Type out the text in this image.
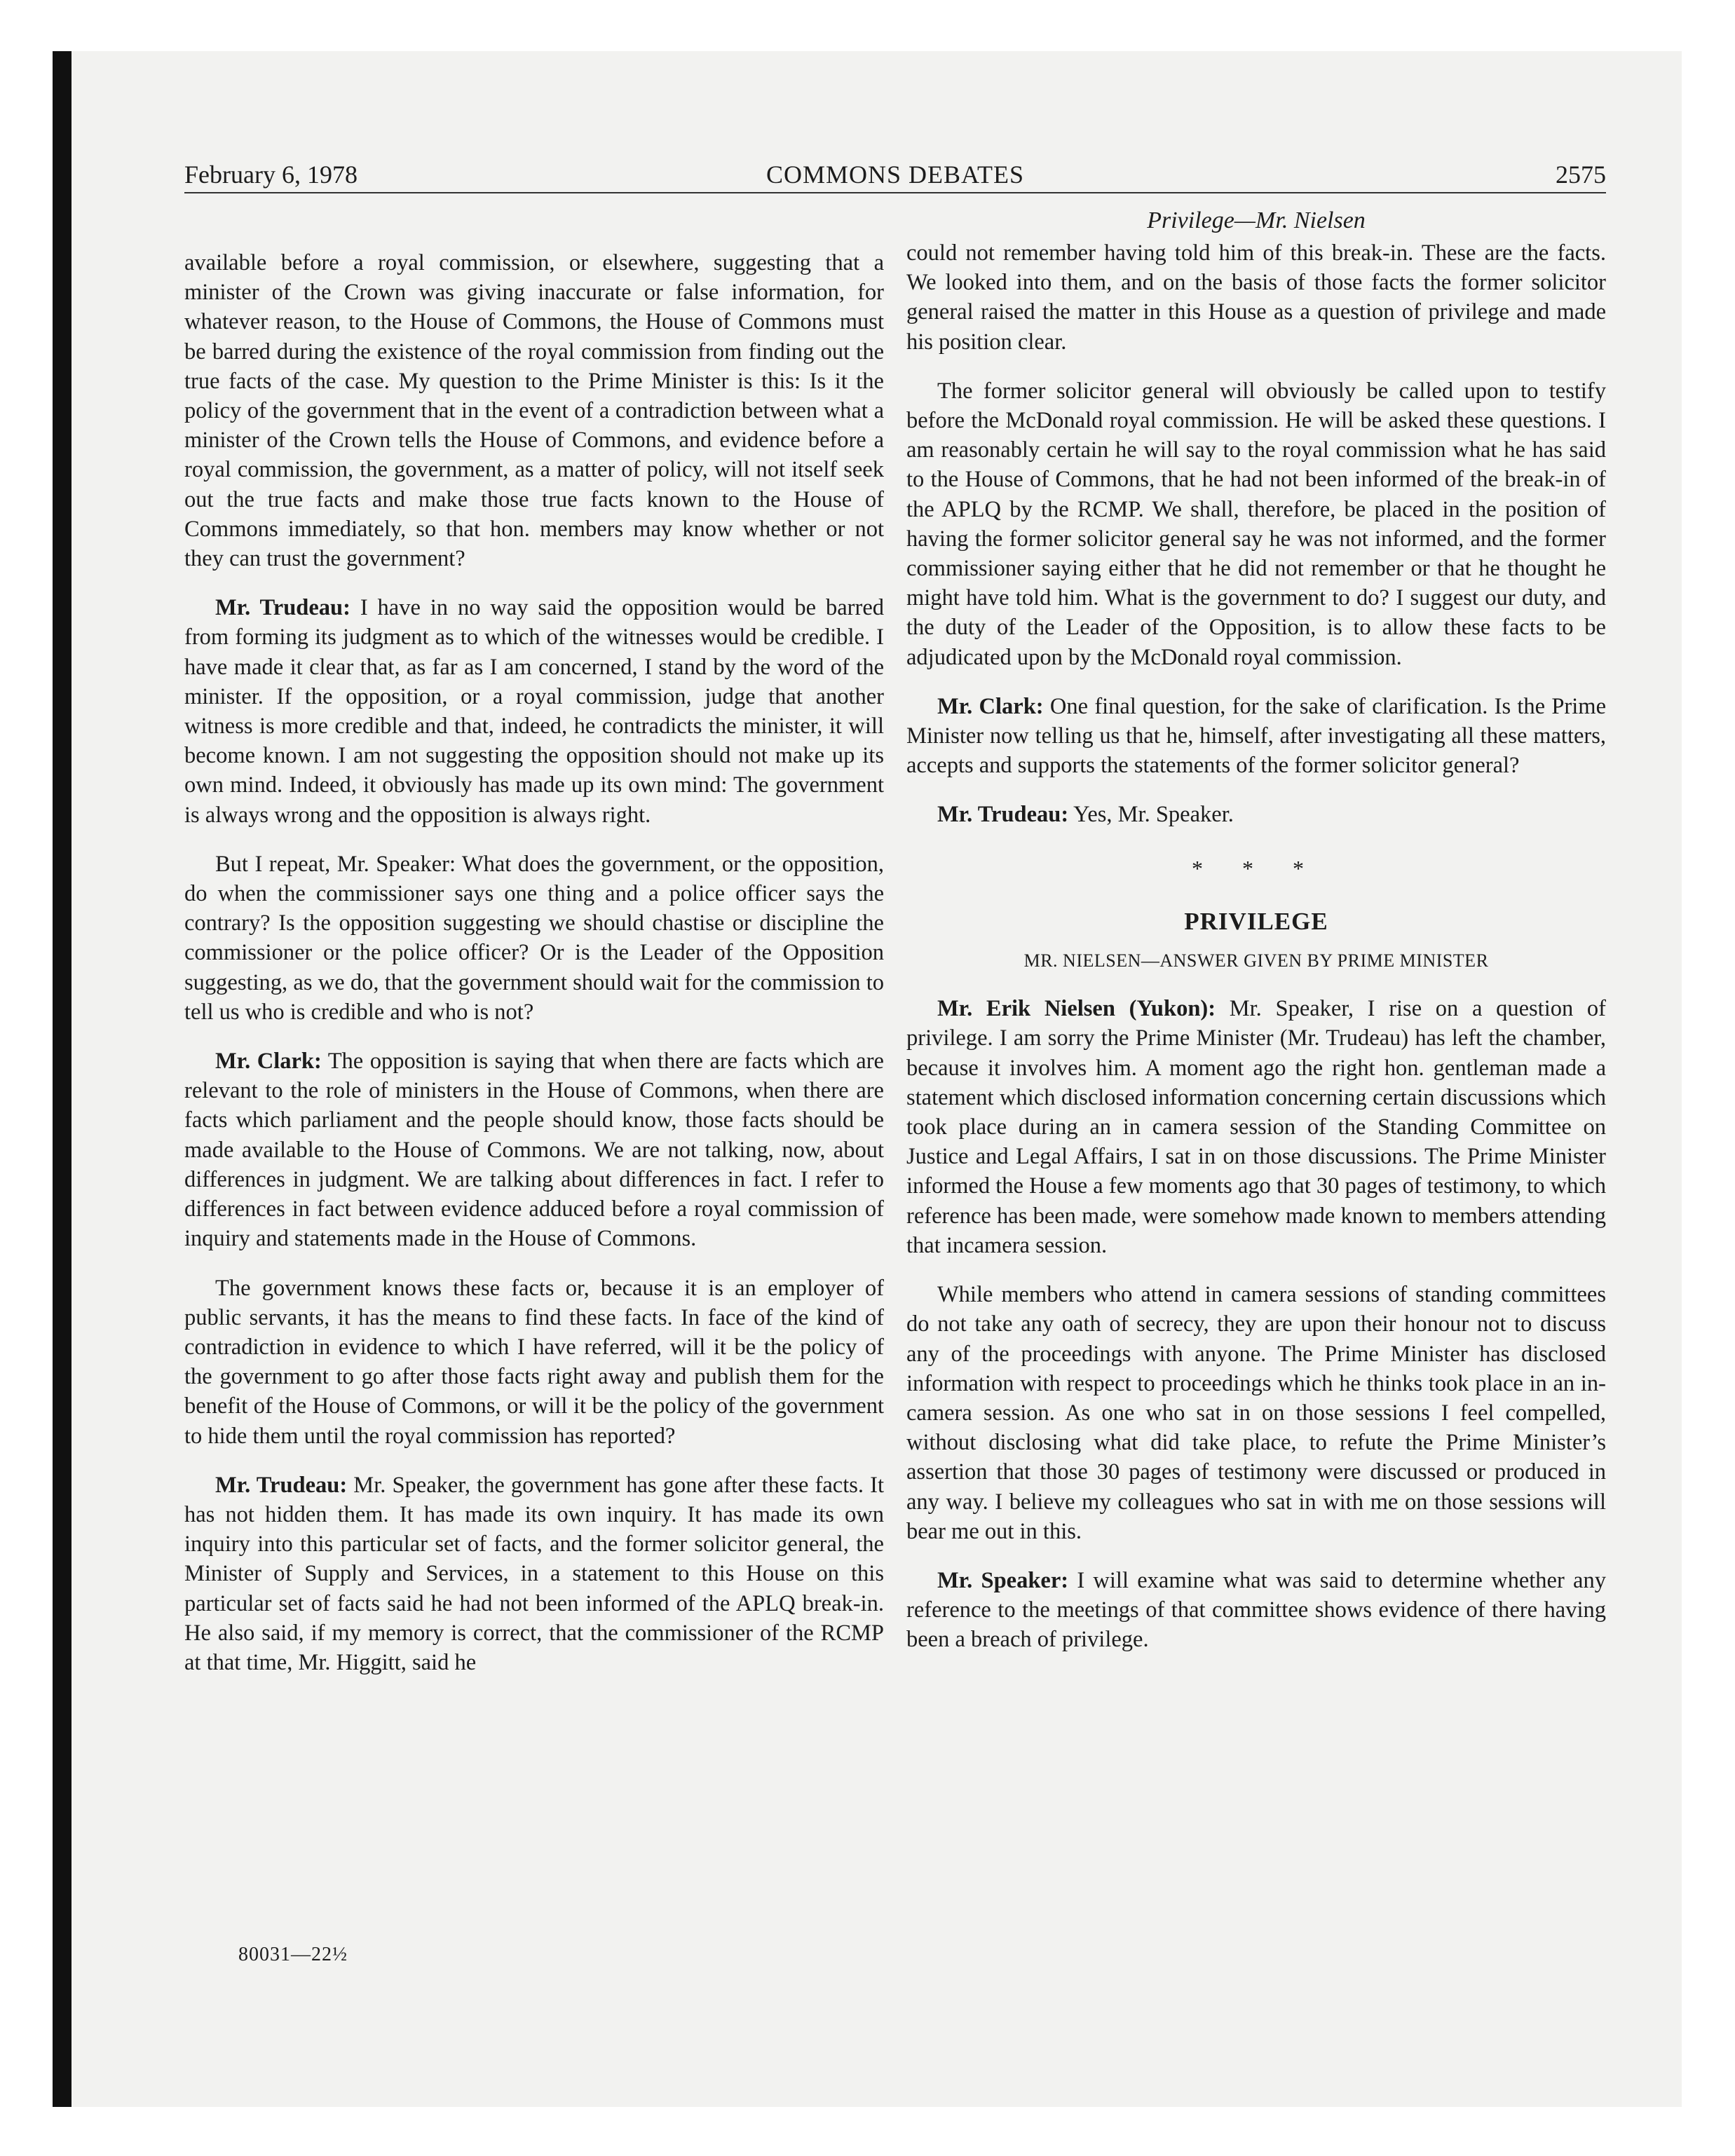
February 6, 1978	COMMONS DEBATES	2575
Privilege—Mr. Nielsen

available before a royal commission, or elsewhere, suggesting that a minister of the Crown was giving inaccurate or false information, for whatever reason, to the House of Commons, the House of Commons must be barred during the existence of the royal commission from finding out the true facts of the case. My question to the Prime Minister is this: Is it the policy of the government that in the event of a contradiction between what a minister of the Crown tells the House of Commons, and evidence before a royal commission, the government, as a matter of policy, will not itself seek out the true facts and make those true facts known to the House of Commons immediately, so that hon. members may know whether or not they can trust the government?

Mr. Trudeau: I have in no way said the opposition would be barred from forming its judgment as to which of the witnesses would be credible. I have made it clear that, as far as I am concerned, I stand by the word of the minister. If the opposition, or a royal commission, judge that another witness is more credible and that, indeed, he contradicts the minister, it will become known. I am not suggesting the opposition should not make up its own mind. Indeed, it obviously has made up its own mind: The government is always wrong and the opposition is always right.

But I repeat, Mr. Speaker: What does the government, or the opposition, do when the commissioner says one thing and a police officer says the contrary? Is the opposition suggesting we should chastise or discipline the commissioner or the police officer? Or is the Leader of the Opposition suggesting, as we do, that the government should wait for the commission to tell us who is credible and who is not?

Mr. Clark: The opposition is saying that when there are facts which are relevant to the role of ministers in the House of Commons, when there are facts which parliament and the people should know, those facts should be made available to the House of Commons. We are not talking, now, about differences in judgment. We are talking about differences in fact. I refer to differences in fact between evidence adduced before a royal commission of inquiry and statements made in the House of Commons.

The government knows these facts or, because it is an employer of public servants, it has the means to find these facts. In face of the kind of contradiction in evidence to which I have referred, will it be the policy of the government to go after those facts right away and publish them for the benefit of the House of Commons, or will it be the policy of the government to hide them until the royal commission has reported?

Mr. Trudeau: Mr. Speaker, the government has gone after these facts. It has not hidden them. It has made its own inquiry. It has made its own inquiry into this particular set of facts, and the former solicitor general, the Minister of Supply and Services, in a statement to this House on this particular set of facts said he had not been informed of the APLQ break-in. He also said, if my memory is correct, that the commissioner of the RCMP at that time, Mr. Higgitt, said he

could not remember having told him of this break-in. These are the facts. We looked into them, and on the basis of those facts the former solicitor general raised the matter in this House as a question of privilege and made his position clear.

The former solicitor general will obviously be called upon to testify before the McDonald royal commission. He will be asked these questions. I am reasonably certain he will say to the royal commission what he has said to the House of Commons, that he had not been informed of the break-in of the APLQ by the RCMP. We shall, therefore, be placed in the position of having the former solicitor general say he was not informed, and the former commissioner saying either that he did not remember or that he thought he might have told him. What is the government to do? I suggest our duty, and the duty of the Leader of the Opposition, is to allow these facts to be adjudicated upon by the McDonald royal commission.

Mr. Clark: One final question, for the sake of clarification. Is the Prime Minister now telling us that he, himself, after investigating all these matters, accepts and supports the statements of the former solicitor general?

Mr. Trudeau: Yes, Mr. Speaker.

* * *
PRIVILEGE
MR. NIELSEN—ANSWER GIVEN BY PRIME MINISTER

Mr. Erik Nielsen (Yukon): Mr. Speaker, I rise on a question of privilege. I am sorry the Prime Minister (Mr. Trudeau) has left the chamber, because it involves him. A moment ago the right hon. gentleman made a statement which disclosed information concerning certain discussions which took place during an in camera session of the Standing Committee on Justice and Legal Affairs, I sat in on those discussions. The Prime Minister informed the House a few moments ago that 30 pages of testimony, to which reference has been made, were somehow made known to members attending that incamera session.

While members who attend in camera sessions of standing committees do not take any oath of secrecy, they are upon their honour not to discuss any of the proceedings with anyone. The Prime Minister has disclosed information with respect to proceedings which he thinks took place in an in-camera session. As one who sat in on those sessions I feel compelled, without disclosing what did take place, to refute the Prime Minister’s assertion that those 30 pages of testimony were discussed or produced in any way. I believe my colleagues who sat in with me on those sessions will bear me out in this.

Mr. Speaker: I will examine what was said to determine whether any reference to the meetings of that committee shows evidence of there having been a breach of privilege.

80031—22½
